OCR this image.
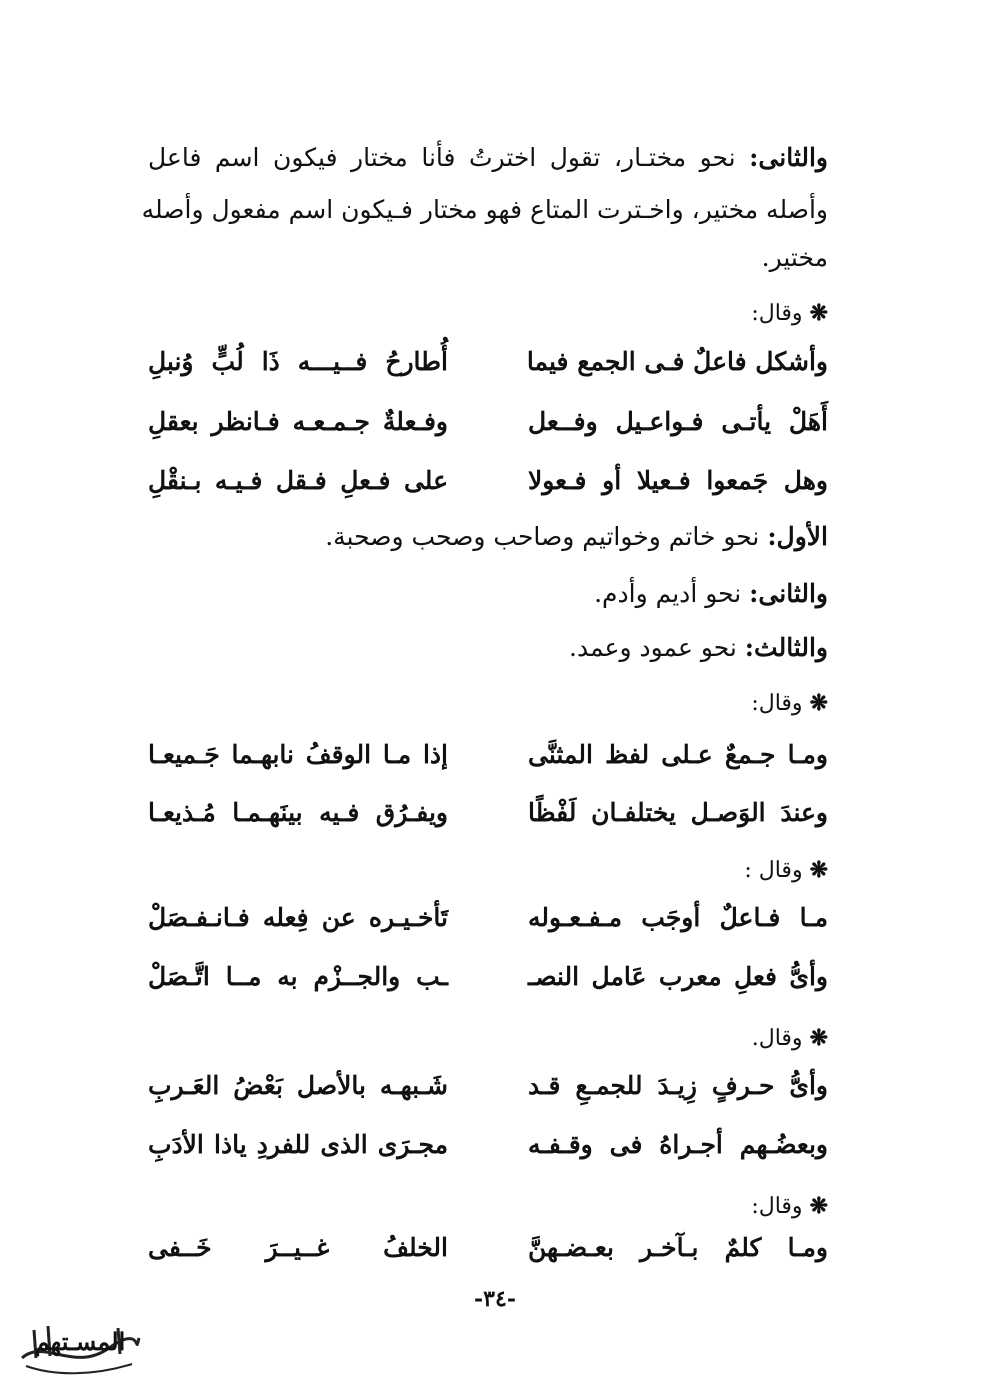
والثانى: نحو مختـار، تقول اخترتُ فأنا مختار فيكون اسم فاعل
وأصله مختير، واخـترت المتاع فهو مختار فـيكون اسم مفعول وأصله
مختير.
❋ وقال:
وأشكل فاعلٌ فـى الجمع فيما
أُطارحُ فــيـــه ذَا لُبٍّ وُنبلِ
أَهَلْ يأتـى فـواعـيل وفــعل
وفـعلةٌ جـمـعـه فـانظر بعقلِ
وهل جَمعوا فـعيلا أو فـعولا
على فـعلِ فـقل فـيـه بـنقْلِ
الأول: نحو خاتم وخواتيم وصاحب وصحب وصحبة.
والثانى: نحو أديم وأدم.
والثالث: نحو عمود وعمد.
❋ وقال:
ومـا جـمعٌ عـلى لفظ المثنَّى
إذا مـا الوقفُ نابهـما جَـميعـا
وعندَ الوَصـل يختلفـان لَفْظًا
ويفـرُق فـيه بينَهـمـا مُـذيعـا
❋ وقال :
مـا فـاعلٌ أوجَب مـفـعـوله
تَأخـيـره عن فِعله فـانـفـصَلْ
وأىُّ فعلِ معرب عَامل النصـ
ـب والجــزْم به مــا اتَّـصَلْ
❋ وقال.
وأىُّ حـرفٍ زِيـدَ للجمـعِ قـد
شَـبهـه بالأصل بَعْضُ العَـربِ
وبعضُـهم أجـراهُ فى وقـفـه
مجـرَى الذى للفردِ ياذا الأدَبِ
❋ وقال:
ومـا كلمٌ بـآخـر بعـضـهنَّ
الخلفُ غــيــرَ خَــفى
-٣٤-
المسـتهم
